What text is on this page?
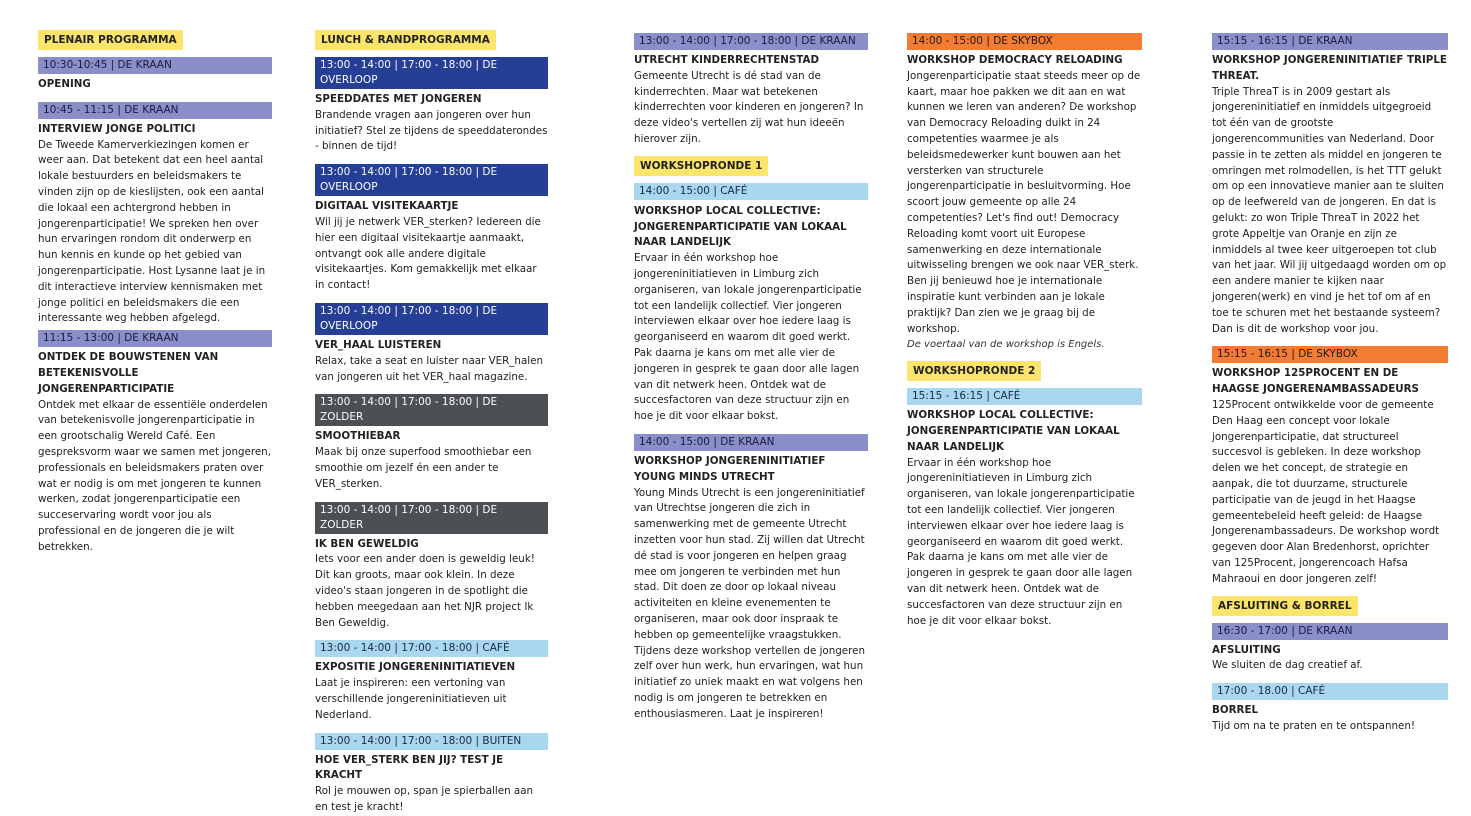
PLENAIR PROGRAMMA
10:30-10:45 | DE KRAAN
OPENING
10:45 - 11:15 | DE KRAAN
INTERVIEW JONGE POLITICI
De Tweede Kamerverkiezingen komen er weer aan. Dat betekent dat een heel aantal lokale bestuurders en beleidsmakers te vinden zijn op de kieslijsten, ook een aantal die lokaal een achtergrond hebben in jongerenparticipatie! We spreken hen over hun ervaringen rondom dit onderwerp en hun kennis en kunde op het gebied van jongerenparticipatie. Host Lysanne laat je in dit interactieve interview kennismaken met jonge politici en beleidsmakers die een interessante weg hebben afgelegd.
11:15 - 13:00 | DE KRAAN
ONTDEK DE BOUWSTENEN VAN BETEKENISVOLLE JONGERENPARTICIPATIE
Ontdek met elkaar de essentiële onderdelen van betekenisvolle jongerenparticipatie in een grootschalig Wereld Café. Een gespreksvorm waar we samen met jongeren, professionals en beleidsmakers praten over wat er nodig is om met jongeren te kunnen werken, zodat jongerenparticipatie een succeservaring wordt voor jou als professional en de jongeren die je wilt betrekken.
LUNCH & RANDPROGRAMMA
13:00 - 14:00 | 17:00 - 18:00 | DE OVERLOOP
SPEEDDATES MET JONGEREN
Brandende vragen aan jongeren over hun initiatief? Stel ze tijdens de speeddaterondes - binnen de tijd!
13:00 - 14:00 | 17:00 - 18:00 | DE OVERLOOP
DIGITAAL VISITEKAARTJE
Wil jij je netwerk VER_sterken? Iedereen die hier een digitaal visitekaartje aanmaakt, ontvangt ook alle andere digitale visitekaartjes. Kom gemakkelijk met elkaar in contact!
13:00 - 14:00 | 17:00 - 18:00 | DE OVERLOOP
VER_HAAL LUISTEREN
Relax, take a seat en luister naar VER_halen van jongeren uit het VER_haal magazine.
13:00 - 14:00 | 17:00 - 18:00 | DE ZOLDER
SMOOTHIEBAR
Maak bij onze superfood smoothiebar een smoothie om jezelf én een ander te VER_sterken.
13:00 - 14:00 | 17:00 - 18:00 | DE ZOLDER
IK BEN GEWELDIG
Iets voor een ander doen is geweldig leuk! Dit kan groots, maar ook klein. In deze video's staan jongeren in de spotlight die hebben meegedaan aan het NJR project Ik Ben Geweldig.
13:00 - 14:00 | 17:00 - 18:00 | CAFÉ
EXPOSITIE JONGERENINITIATIEVEN
Laat je inspireren: een vertoning van verschillende jongereninitiatieven uit Nederland.
13:00 - 14:00 | 17:00 - 18:00 | BUITEN
HOE VER_STERK BEN JIJ? TEST JE KRACHT
Rol je mouwen op, span je spierballen aan en test je kracht!
13:00 - 14:00 | 17:00 - 18:00 | DE KRAAN
UTRECHT KINDERRECHTENSTAD
Gemeente Utrecht is dé stad van de kinderrechten. Maar wat betekenen kinderrechten voor kinderen en jongeren? In deze video's vertellen zij wat hun ideeën hierover zijn.
WORKSHOPRONDE 1
14:00 - 15:00 | CAFÉ
WORKSHOP LOCAL COLLECTIVE: JONGERENPARTICIPATIE VAN LOKAAL NAAR LANDELIJK
Ervaar in één workshop hoe jongereninitiatieven in Limburg zich organiseren, van lokale jongerenparticipatie tot een landelijk collectief. Vier jongeren interviewen elkaar over hoe iedere laag is georganiseerd en waarom dit goed werkt. Pak daarna je kans om met alle vier de jongeren in gesprek te gaan door alle lagen van dit netwerk heen. Ontdek wat de succesfactoren van deze structuur zijn en hoe je dit voor elkaar bokst.
14:00 - 15:00 | DE KRAAN
WORKSHOP JONGERENINITIATIEF YOUNG MINDS UTRECHT
Young Minds Utrecht is een jongereninitiatief van Utrechtse jongeren die zich in samenwerking met de gemeente Utrecht inzetten voor hun stad. Zij willen dat Utrecht dé stad is voor jongeren en helpen graag mee om jongeren te verbinden met hun stad. Dit doen ze door op lokaal niveau activiteiten en kleine evenementen te organiseren, maar ook door inspraak te hebben op gemeentelijke vraagstukken. Tijdens deze workshop vertellen de jongeren zelf over hun werk, hun ervaringen, wat hun initiatief zo uniek maakt en wat volgens hen nodig is om jongeren te betrekken en enthousiasmeren. Laat je inspireren!
14:00 - 15:00 | DE SKYBOX
WORKSHOP DEMOCRACY RELOADING
Jongerenparticipatie staat steeds meer op de kaart, maar hoe pakken we dit aan en wat kunnen we leren van anderen? De workshop van Democracy Reloading duikt in 24 competenties waarmee je als beleidsmedewerker kunt bouwen aan het versterken van structurele jongerenparticipatie in besluitvorming. Hoe scoort jouw gemeente op alle 24 competenties? Let's find out! Democracy Reloading komt voort uit Europese samenwerking en deze internationale uitwisseling brengen we ook naar VER_sterk. Ben jij benieuwd hoe je internationale inspiratie kunt verbinden aan je lokale praktijk? Dan zien we je graag bij de workshop.
De voertaal van de workshop is Engels.
WORKSHOPRONDE 2
15:15 - 16:15 | CAFÉ
WORKSHOP LOCAL COLLECTIVE: JONGERENPARTICIPATIE VAN LOKAAL NAAR LANDELIJK
Ervaar in één workshop hoe jongereninitiatieven in Limburg zich organiseren, van lokale jongerenparticipatie tot een landelijk collectief. Vier jongeren interviewen elkaar over hoe iedere laag is georganiseerd en waarom dit goed werkt. Pak daarna je kans om met alle vier de jongeren in gesprek te gaan door alle lagen van dit netwerk heen. Ontdek wat de succesfactoren van deze structuur zijn en hoe je dit voor elkaar bokst.
15:15 - 16:15 | DE KRAAN
WORKSHOP JONGERENINITIATIEF TRIPLE THREAT.
Triple ThreaT is in 2009 gestart als jongereninitiatief en inmiddels uitgegroeid tot één van de grootste jongerencommunities van Nederland. Door passie in te zetten als middel en jongeren te omringen met rolmodellen, is het TTT gelukt om op een innovatieve manier aan te sluiten op de leefwereld van de jongeren. En dat is gelukt: zo won Triple ThreaT in 2022 het grote Appeltje van Oranje en zijn ze inmiddels al twee keer uitgeroepen tot club van het jaar. Wil jij uitgedaagd worden om op een andere manier te kijken naar jongeren(werk) en vind je het tof om af en toe te schuren met het bestaande systeem? Dan is dit de workshop voor jou.
15:15 - 16:15 | DE SKYBOX
WORKSHOP 125PROCENT EN DE HAAGSE JONGERENAMBASSADEURS
125Procent ontwikkelde voor de gemeente Den Haag een concept voor lokale jongerenparticipatie, dat structureel succesvol is gebleken. In deze workshop delen we het concept, de strategie en aanpak, die tot duurzame, structurele participatie van de jeugd in het Haagse gemeentebeleid heeft geleid: de Haagse Jongerenambassadeurs. De workshop wordt gegeven door Alan Bredenhorst, oprichter van 125Procent, jongerencoach Hafsa Mahraoui en door jongeren zelf!
AFSLUITING & BORREL
16:30 - 17:00 | DE KRAAN
AFSLUITING
We sluiten de dag creatief af.
17:00 - 18.00 | CAFÉ
BORREL
Tijd om na te praten en te ontspannen!
